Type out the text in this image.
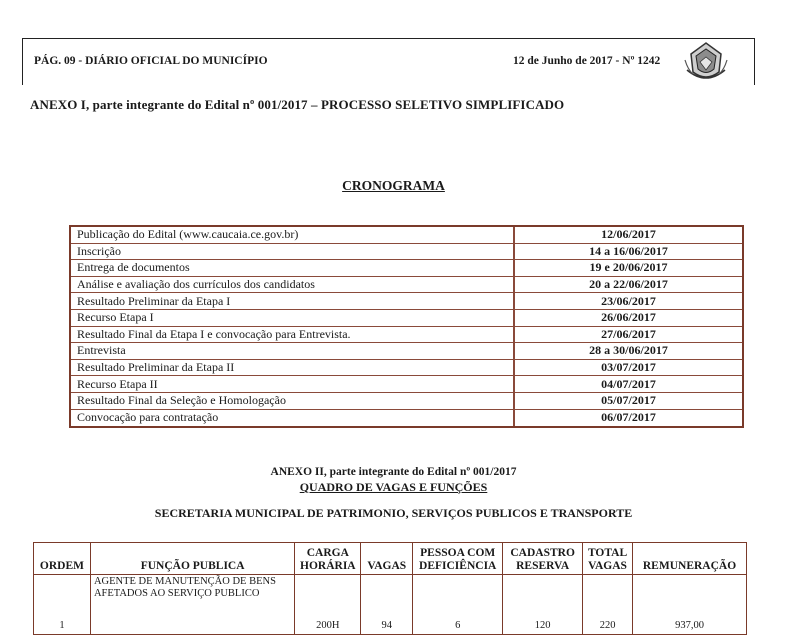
PÁG. 09 - DIÁRIO OFICIAL DO MUNICÍPIO	12 de Junho de 2017 - Nº 1242
ANEXO I, parte integrante do Edital nº 001/2017 – PROCESSO SELETIVO SIMPLIFICADO
CRONOGRAMA
Publicação do Edital (www.caucaia.ce.gov.br)	12/06/2017
Inscrição	14 a 16/06/2017
Entrega de documentos	19 e 20/06/2017
Análise e avaliação dos currículos dos candidatos	20 a 22/06/2017
Resultado Preliminar da Etapa I	23/06/2017
Recurso Etapa I	26/06/2017
Resultado Final da Etapa I e convocação para Entrevista.	27/06/2017
Entrevista	28 a 30/06/2017
Resultado Preliminar da Etapa II	03/07/2017
Recurso Etapa II	04/07/2017
Resultado Final da Seleção e Homologação	05/07/2017
Convocação para contratação	06/07/2017
ANEXO II, parte integrante do Edital nº 001/2017
QUADRO DE VAGAS E FUNÇÕES
SECRETARIA MUNICIPAL DE PATRIMONIO, SERVIÇOS PUBLICOS E TRANSPORTE
ORDEM	FUNÇÃO PUBLICA	CARGA HORÁRIA	VAGAS	PESSOA COM DEFICIÊNCIA	CADASTRO RESERVA	TOTAL VAGAS	REMUNERAÇÃO
1	AGENTE DE MANUTENÇÃO DE BENS AFETADOS AO SERVIÇO PUBLICO	200H	94	6	120	220	937,00
